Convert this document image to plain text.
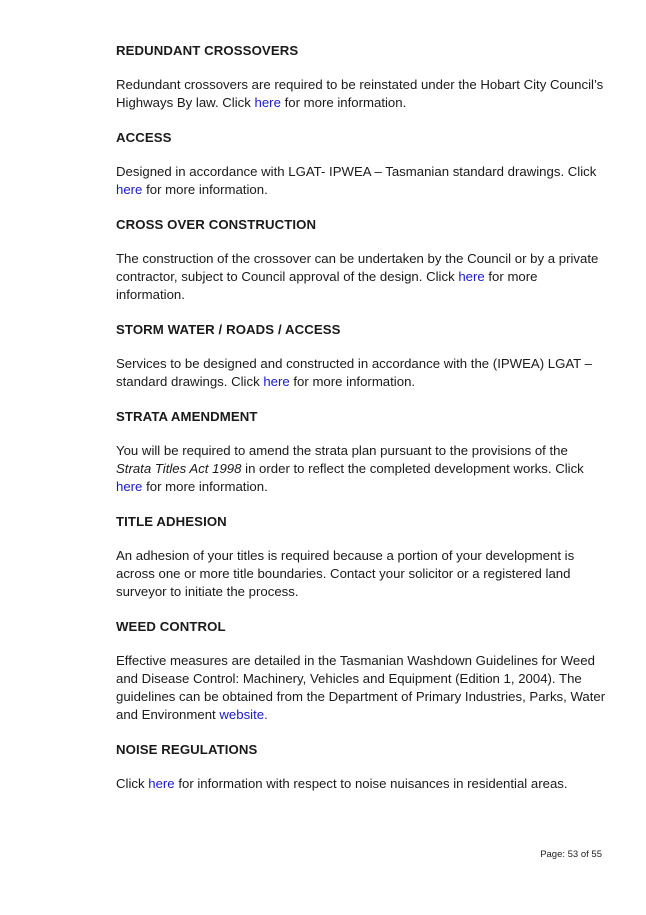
REDUNDANT CROSSOVERS

Redundant crossovers are required to be reinstated under the Hobart City Council’s Highways By law. Click here for more information.

ACCESS

Designed in accordance with LGAT- IPWEA – Tasmanian standard drawings. Click here for more information.

CROSS OVER CONSTRUCTION

The construction of the crossover can be undertaken by the Council or by a private contractor, subject to Council approval of the design. Click here for more information.

STORM WATER / ROADS / ACCESS

Services to be designed and constructed in accordance with the (IPWEA) LGAT – standard drawings. Click here for more information.

STRATA AMENDMENT

You will be required to amend the strata plan pursuant to the provisions of the Strata Titles Act 1998 in order to reflect the completed development works. Click here for more information.

TITLE ADHESION

An adhesion of your titles is required because a portion of your development is across one or more title boundaries. Contact your solicitor or a registered land surveyor to initiate the process.

WEED CONTROL

Effective measures are detailed in the Tasmanian Washdown Guidelines for Weed and Disease Control: Machinery, Vehicles and Equipment (Edition 1, 2004). The guidelines can be obtained from the Department of Primary Industries, Parks, Water and Environment website.

NOISE REGULATIONS

Click here for information with respect to noise nuisances in residential areas.

Page: 53 of 55
